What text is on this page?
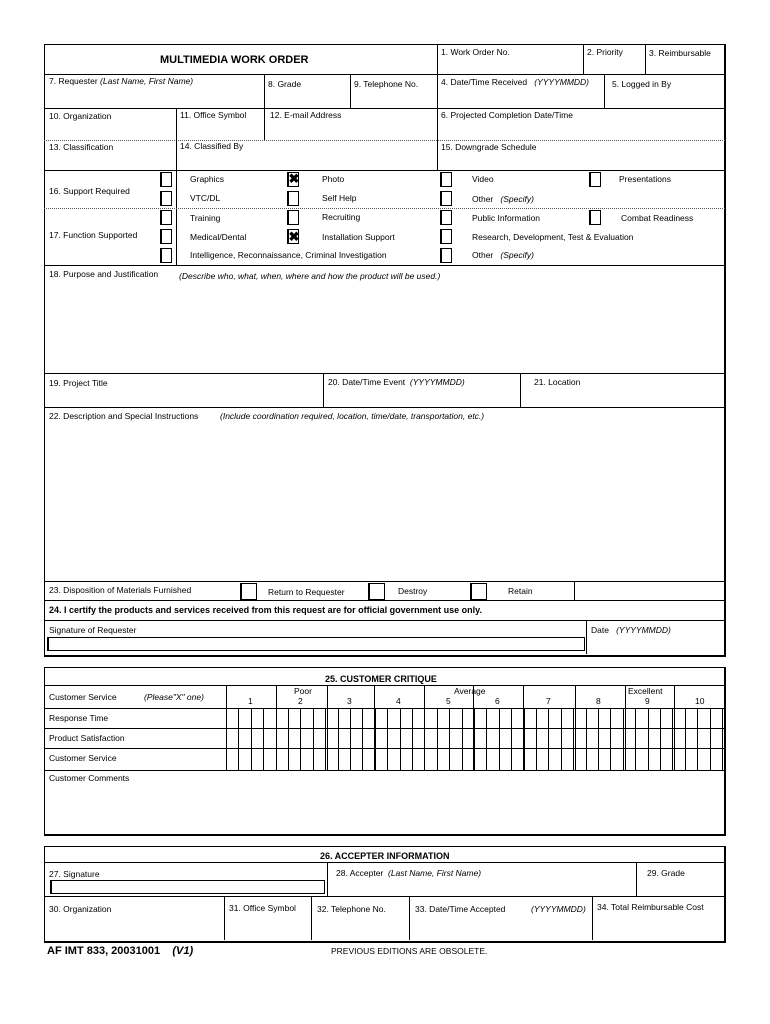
MULTIMEDIA WORK ORDER
1. Work Order No.	2. Priority	3. Reimbursable
7. Requester (Last Name, First Name)	8. Grade	9. Telephone No.	4. Date/Time Received (YYYYMMDD)	5. Logged in By
10. Organization	11. Office Symbol	12. E-mail Address	6. Projected Completion Date/Time
13. Classification	14. Classified By	15. Downgrade Schedule
16. Support Required
17. Function Supported
Graphics	✖	Photo	Video	Presentations
VTC/DL	Self Help	Other (Specify)
Training	Recruiting	Public Information	Combat Readiness
Medical/Dental	✖	Installation Support	Research, Development, Test & Evaluation
Intelligence, Reconnaissance, Criminal Investigation	Other (Specify)
18. Purpose and Justification (Describe who, what, when, where and how the product will be used.)
19. Project Title	20. Date/Time Event (YYYYMMDD)	21. Location
22. Description and Special Instructions	(Include coordination required, location, time/date, transportation, etc.)
23. Disposition of Materials Furnished	Return to Requester	Destroy	Retain
24. I certify the products and services received from this request are for official government use only.
Signature of Requester	Date (YYYYMMDD)
25. CUSTOMER CRITIQUE
Customer Service	(Please"X" one)
Poor	Average	Excellent
1	2	3	4	5	6	7	8	9	10
Response Time
Product Satisfaction
Customer Service
Customer Comments
26. ACCEPTER INFORMATION
27. Signature	28. Accepter (Last Name, First Name)	29. Grade
30. Organization	31. Office Symbol 32. Telephone No.	33. Date/Time Accepted	(YYYYMMDD) 34. Total Reimbursable Cost
AF IMT 833, 20031001 (V1)	PREVIOUS EDITIONS ARE OBSOLETE.
